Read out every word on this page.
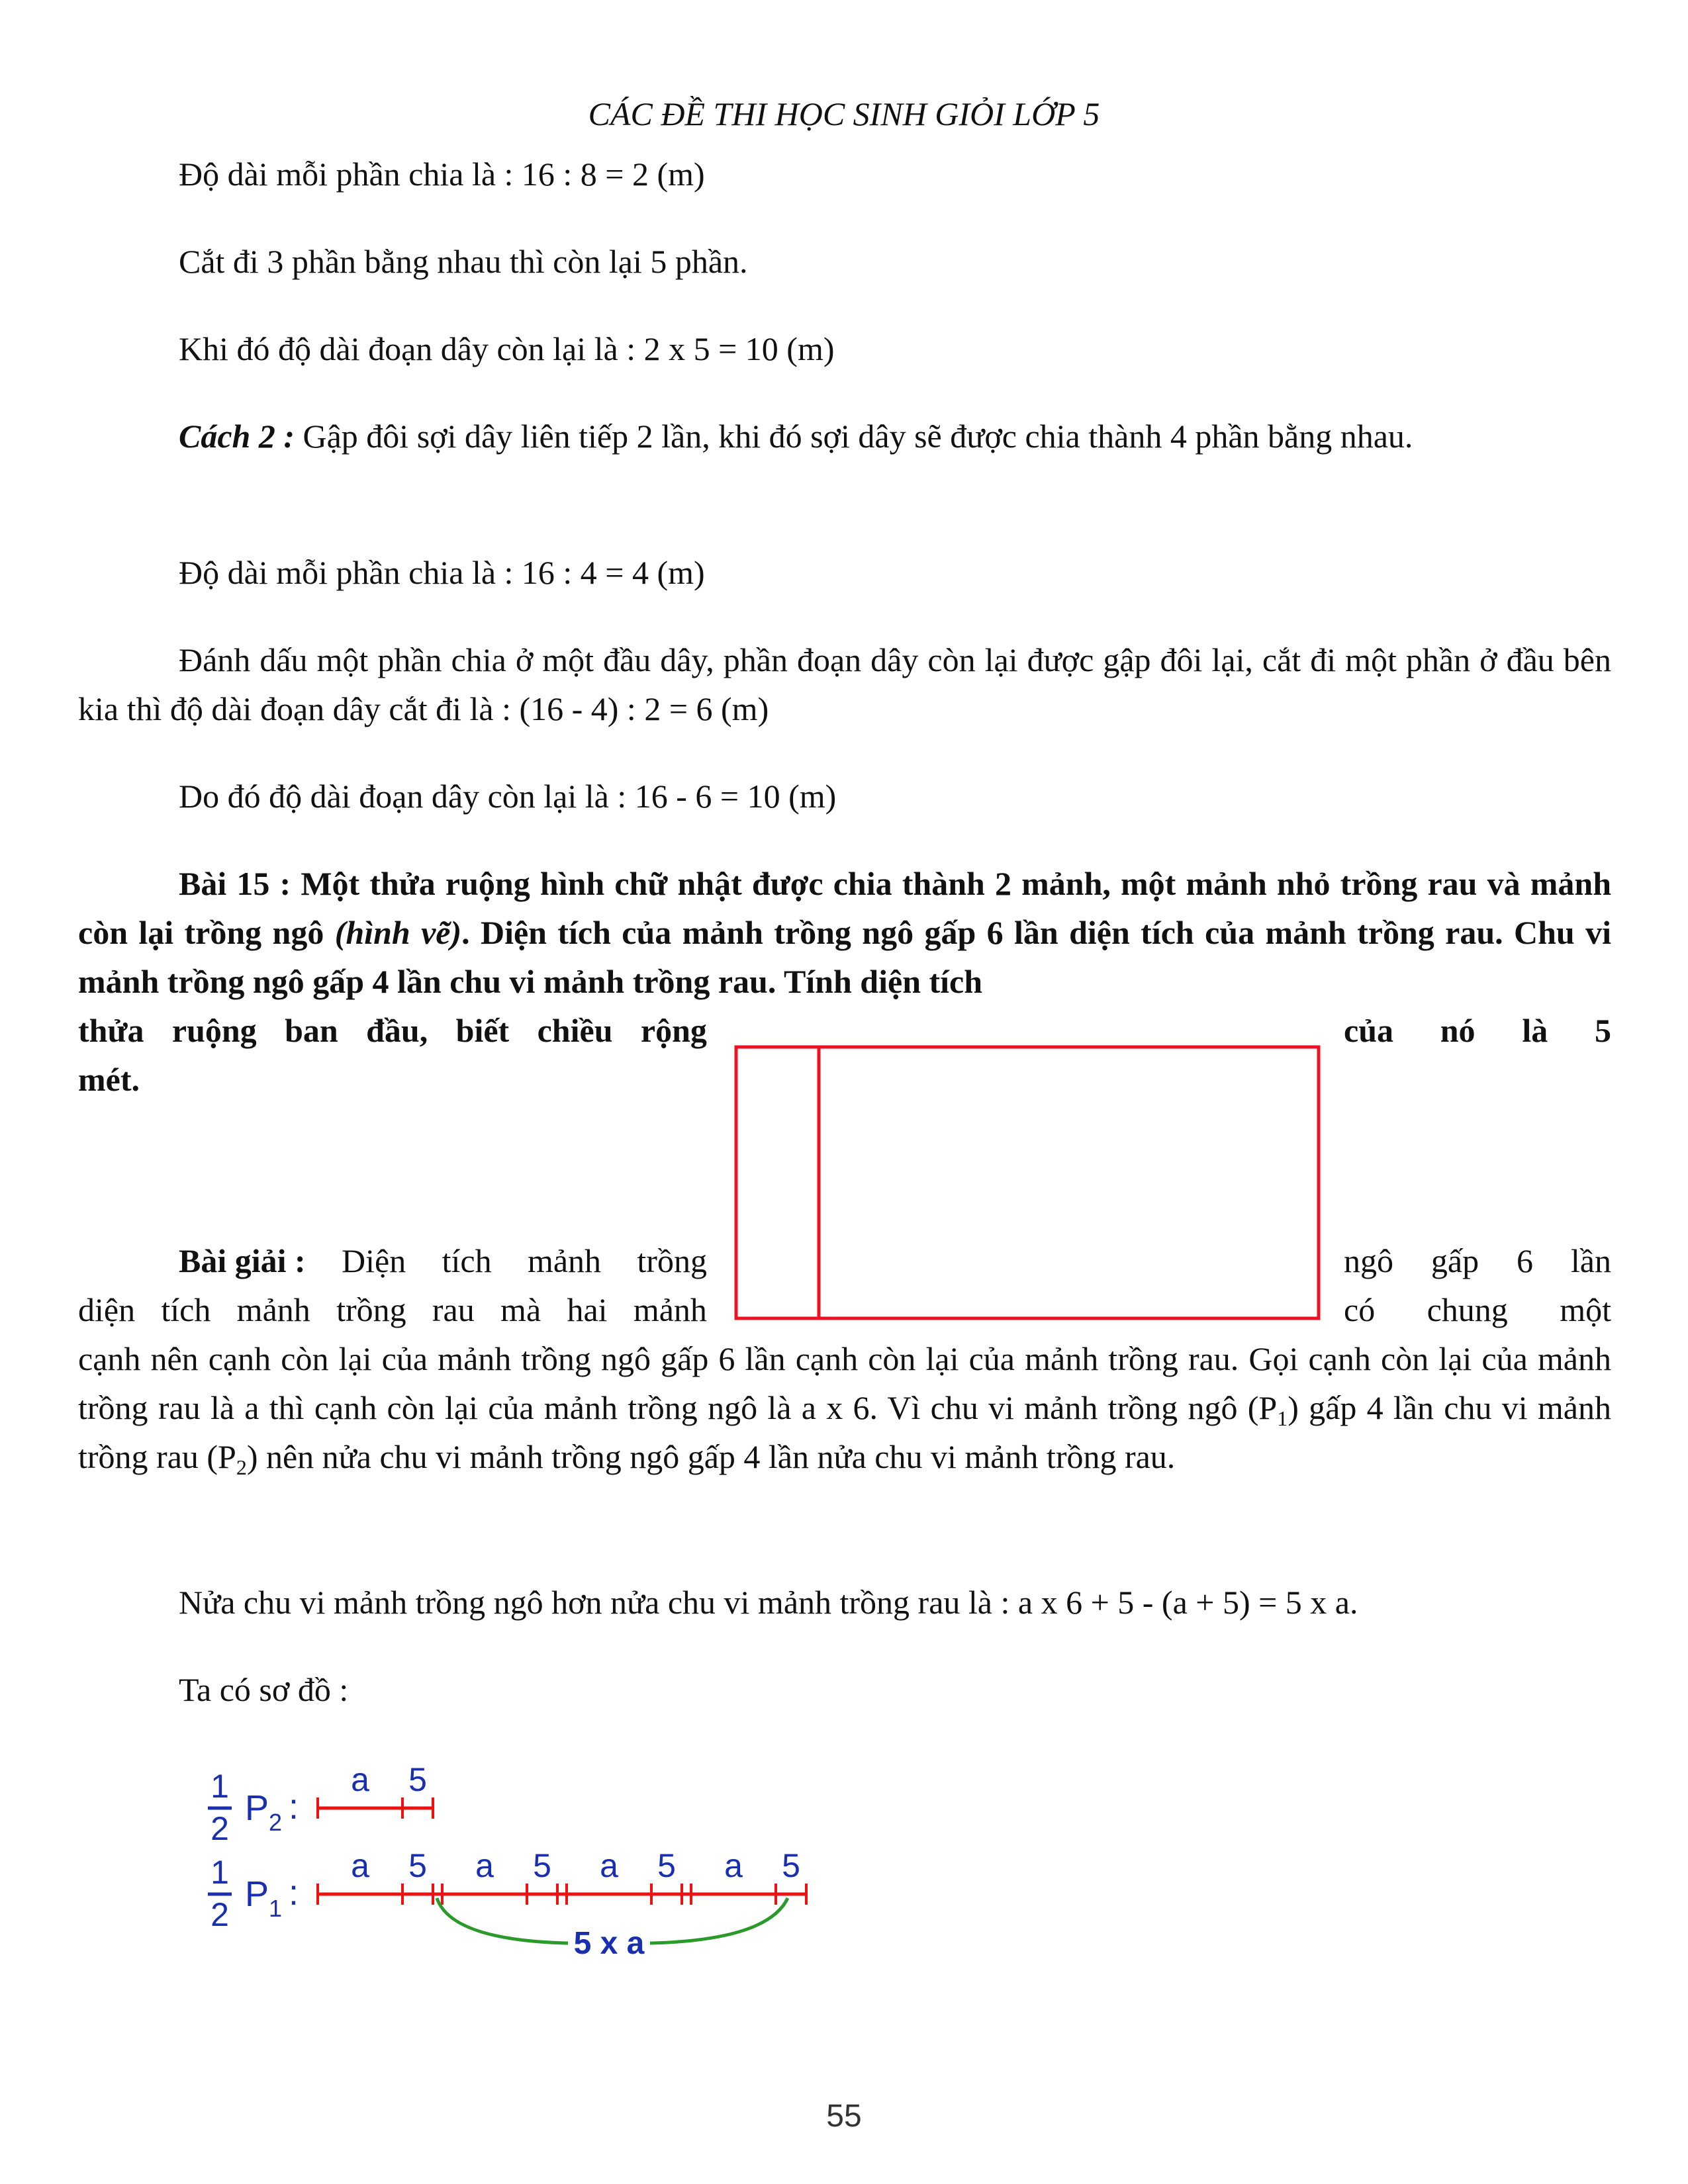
CÁC ĐỀ THI HỌC SINH GIỎI LỚP 5
Độ dài mỗi phần chia là : 16 : 8 = 2 (m)
Cắt đi 3 phần bằng nhau thì còn lại 5 phần.
Khi đó độ dài đoạn dây còn lại là : 2 x 5 = 10 (m)
Cách 2 : Gập đôi sợi dây liên tiếp 2 lần, khi đó sợi dây sẽ được chia thành 4 phần bằng nhau.
Độ dài mỗi phần chia là : 16 : 4 = 4 (m)
Đánh dấu một phần chia ở một đầu dây, phần đoạn dây còn lại được gập đôi lại, cắt đi một phần ở đầu bên kia thì độ dài đoạn dây cắt đi là : (16 - 4) : 2 = 6 (m)
Do đó độ dài đoạn dây còn lại là : 16 - 6 = 10 (m)
Bài 15 : Một thửa ruộng hình chữ nhật được chia thành 2 mảnh, một mảnh nhỏ trồng rau và mảnh còn lại trồng ngô (hình vẽ). Diện tích của mảnh trồng ngô gấp 6 lần diện tích của mảnh trồng rau. Chu vi mảnh trồng ngô gấp 4 lần chu vi mảnh trồng rau. Tính diện tích
thửa ruộng ban đầu, biết chiều rộng	của nó là 5
mét.
Bài giải : Diện tích mảnh trồng	ngô gấp 6 lần
diện tích mảnh trồng rau mà hai mảnh	có chung một
cạnh nên cạnh còn lại của mảnh trồng ngô gấp 6 lần cạnh còn lại của mảnh trồng rau. Gọi cạnh còn lại của mảnh trồng rau là a thì cạnh còn lại của mảnh trồng ngô là a x 6. Vì chu vi mảnh trồng ngô $(P_1)$ gấp 4 lần chu vi mảnh trồng rau $(P_2)$ nên nửa chu vi mảnh trồng ngô gấp 4 lần nửa chu vi mảnh trồng rau.
Nửa chu vi mảnh trồng ngô hơn nửa chu vi mảnh trồng rau là : a x 6 + 5 - (a + 5) = 5 x a.
Ta có sơ đồ :
1
2
P 2 :
a 5
1
2
P 1 :
a 5 a 5 a 5 a 5
5 x a
55
